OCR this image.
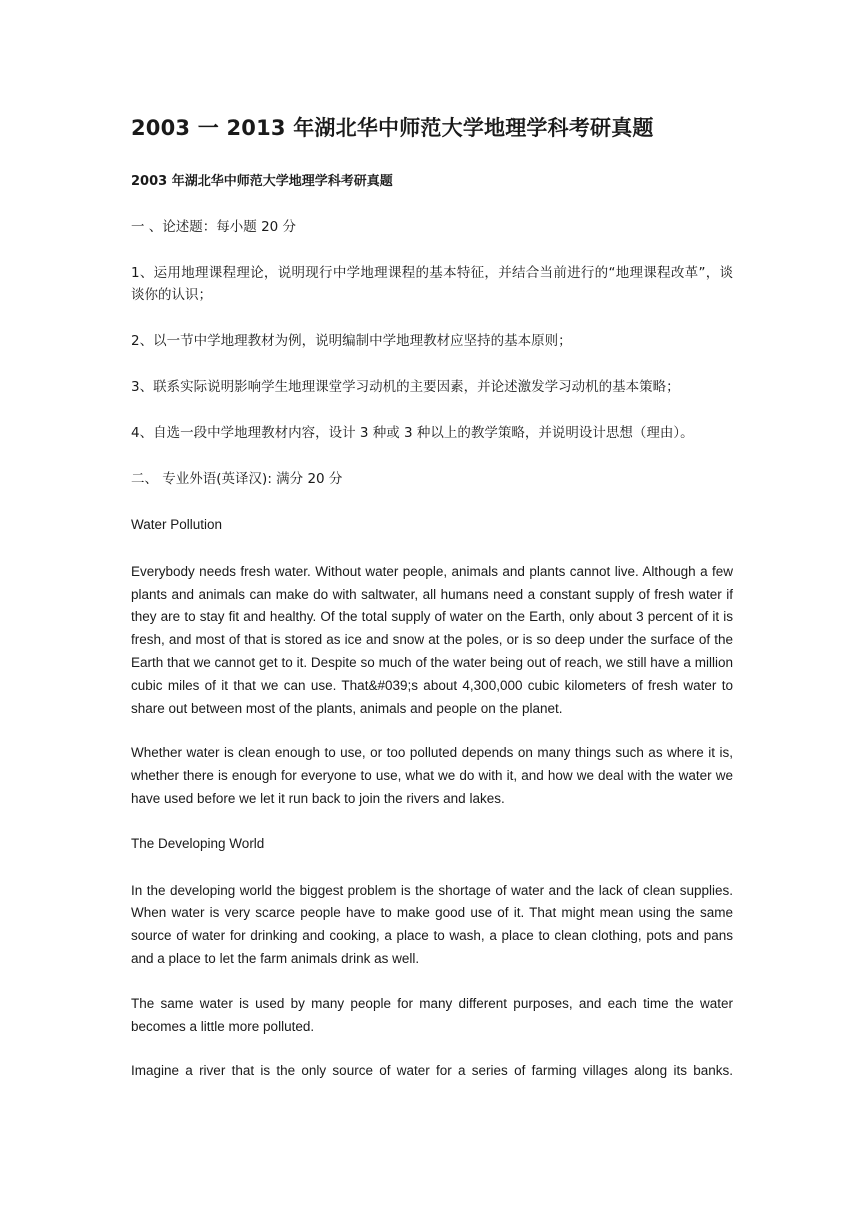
2003 一 2013 年湖北华中师范大学地理学科考研真题
2003 年湖北华中师范大学地理学科考研真题

一 、论述题：每小题 20 分

1、运用地理课程理论，说明现行中学地理课程的基本特征，并结合当前进行的“地理课程改革”，谈谈你的认识；

2、以一节中学地理教材为例，说明编制中学地理教材应坚持的基本原则；

3、联系实际说明影响学生地理课堂学习动机的主要因素，并论述激发学习动机的基本策略；

4、自选一段中学地理教材内容，设计 3 种或 3 种以上的教学策略，并说明设计思想（理由）。

二、 专业外语(英译汉): 满分 20 分

Water Pollution

Everybody needs fresh water. Without water people, animals and plants cannot live. Although a few plants and animals can make do with saltwater, all humans need a constant supply of fresh water if they are to stay fit and healthy. Of the total supply of water on the Earth, only about 3 percent of it is fresh, and most of that is stored as ice and snow at the poles, or is so deep under the surface of the Earth that we cannot get to it. Despite so much of the water being out of reach, we still have a million cubic miles of it that we can use. That&#039;s about 4,300,000 cubic kilometers of fresh water to share out between most of the plants, animals and people on the planet.

Whether water is clean enough to use, or too polluted depends on many things such as where it is, whether there is enough for everyone to use, what we do with it, and how we deal with the water we have used before we let it run back to join the rivers and lakes.

The Developing World

In the developing world the biggest problem is the shortage of water and the lack of clean supplies. When water is very scarce people have to make good use of it. That might mean using the same source of water for drinking and cooking, a place to wash, a place to clean clothing, pots and pans and a place to let the farm animals drink as well.

The same water is used by many people for many different purposes, and each time the water becomes a little more polluted.

Imagine a river that is the only source of water for a series of farming villages along its banks.
